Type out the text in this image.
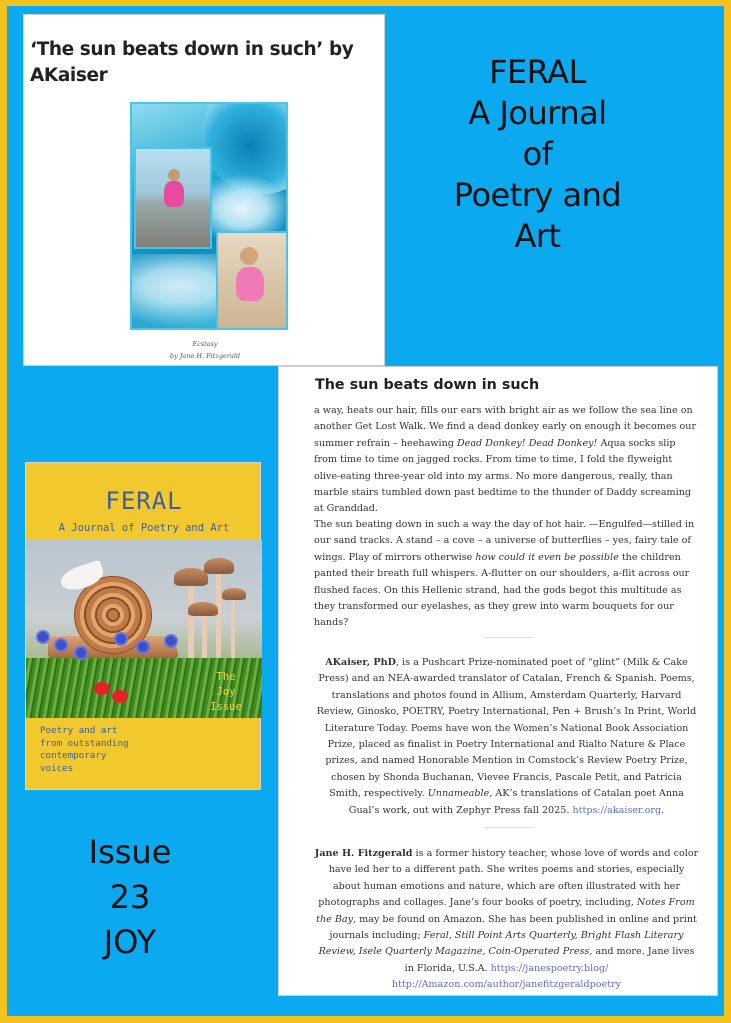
‘The sun beats down in such’ by AKaiser
Ecstasy
by Jane H. Fitzgerald
FERAL
A Journal
of
Poetry and
Art
FERAL
A Journal of Poetry and Art
The
Joy
Issue
Poetry and art
from outstanding
contemporary
voices
Issue
23
JOY
The sun beats down in such
a way, heats our hair, fills our ears with bright air as we follow the sea line on another Get Lost Walk. We find a dead donkey early on enough it becomes our summer refrain – heehawing Dead Donkey! Dead Donkey! Aqua socks slip from time to time on jagged rocks. From time to time, I fold the flyweight olive-eating three-year old into my arms. No more dangerous, really, than marble stairs tumbled down past bedtime to the thunder of Daddy screaming at Granddad.
The sun beating down in such a way the day of hot hair. —Engulfed—stilled in our sand tracks. A stand – a cove – a universe of butterflies – yes, fairy tale of wings. Play of mirrors otherwise how could it even be possible the children panted their breath full whispers. A-flutter on our shoulders, a-flit across our flushed faces. On this Hellenic strand, had the gods begot this multitude as they transformed our eyelashes, as they grew into warm bouquets for our hands?
AKaiser, PhD, is a Pushcart Prize-nominated poet of “glint” (Milk & Cake Press) and an NEA-awarded translator of Catalan, French & Spanish. Poems, translations and photos found in Allium, Amsterdam Quarterly, Harvard Review, Ginosko, POETRY, Poetry International, Pen + Brush’s In Print, World Literature Today. Poems have won the Women’s National Book Association Prize, placed as finalist in Poetry International and Rialto Nature & Place prizes, and named Honorable Mention in Comstock’s Review Poetry Prize, chosen by Shonda Buchanan, Vievee Francis, Pascale Petit, and Patricia Smith, respectively. Unnameable, AK’s translations of Catalan poet Anna Gual’s work, out with Zephyr Press fall 2025. https://akaiser.org.
Jane H. Fitzgerald is a former history teacher, whose love of words and color have led her to a different path. She writes poems and stories, especially about human emotions and nature, which are often illustrated with her photographs and collages. Jane’s four books of poetry, including, Notes From the Bay, may be found on Amazon. She has been published in online and print journals including; Feral, Still Point Arts Quarterly, Bright Flash Literary Review, Isele Quarterly Magazine, Coin-Operated Press, and more. Jane lives in Florida, U.S.A. https://janespoetry.blog/ http://Amazon.com/author/janefitzgeraldpoetry
